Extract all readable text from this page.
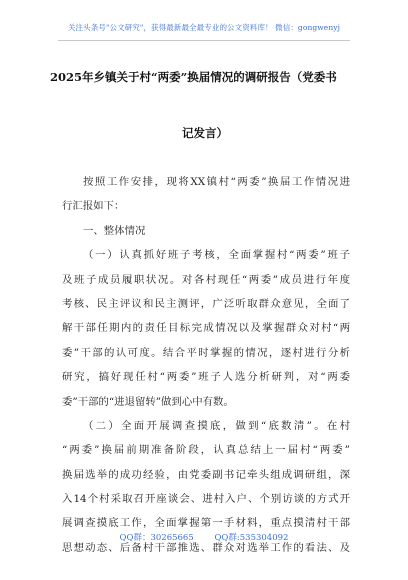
关注头条号"公文研究"，获得最新最全最专业的公文资料库！ 微信：gongwenyj
2025年乡镇关于村“两委”换届情况的调研报告（党委书
记发言）
按照工作安排，现将XX镇村“两委”换届工作情况进
行汇报如下：
一、整体情况
（一）认真抓好班子考核，全面掌握村“两委”班子
及班子成员履职状况。对各村现任“两委”成员进行年度
考核、民主评议和民主测评，广泛听取群众意见，全面了
解干部任期内的责任目标完成情况以及掌握群众对村“两
委”干部的认可度。结合平时掌握的情况，逐村进行分析
研究，搞好现任村“两委”班子人选分析研判，对“两委
委”干部的“进退留转”做到心中有数。
（二）全面开展调查摸底，做到“底数清”。在村
“两委”换届前期准备阶段，认真总结上一届村“两委”
换届选举的成功经验，由党委副书记牵头组成调研组，深
入14个村采取召开座谈会、进村入户、个别访谈的方式开
展调查摸底工作，全面掌握第一手材料，重点摸清村干部
思想动态、后备村干部推选、群众对选举工作的看法、及
QQ群：30265665 QQ群:535304092
